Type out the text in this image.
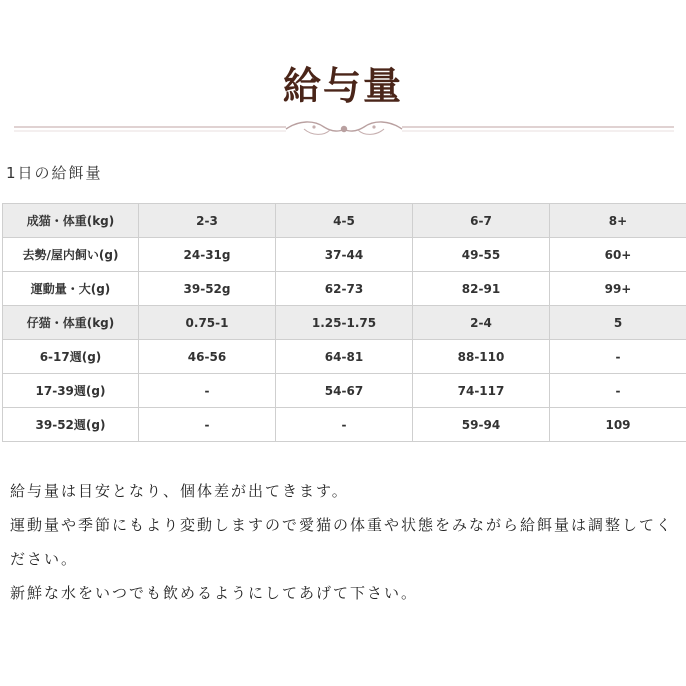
給与量
1日の給餌量
成猫・体重(kg)	2-3	4-5	6-7	8+
去勢/屋内飼い(g)	24-31g	37-44	49-55	60+
運動量・大(g)	39-52g	62-73	82-91	99+
仔猫・体重(kg)	0.75-1	1.25-1.75	2-4	5
6-17週(g)	46-56	64-81	88-110	-
17-39週(g)	-	54-67	74-117	-
39-52週(g)	-	-	59-94	109

給与量は目安となり、個体差が出てきます。

運動量や季節にもより変動しますので愛猫の体重や状態をみながら給餌量は調整してください。

新鮮な水をいつでも飲めるようにしてあげて下さい。
